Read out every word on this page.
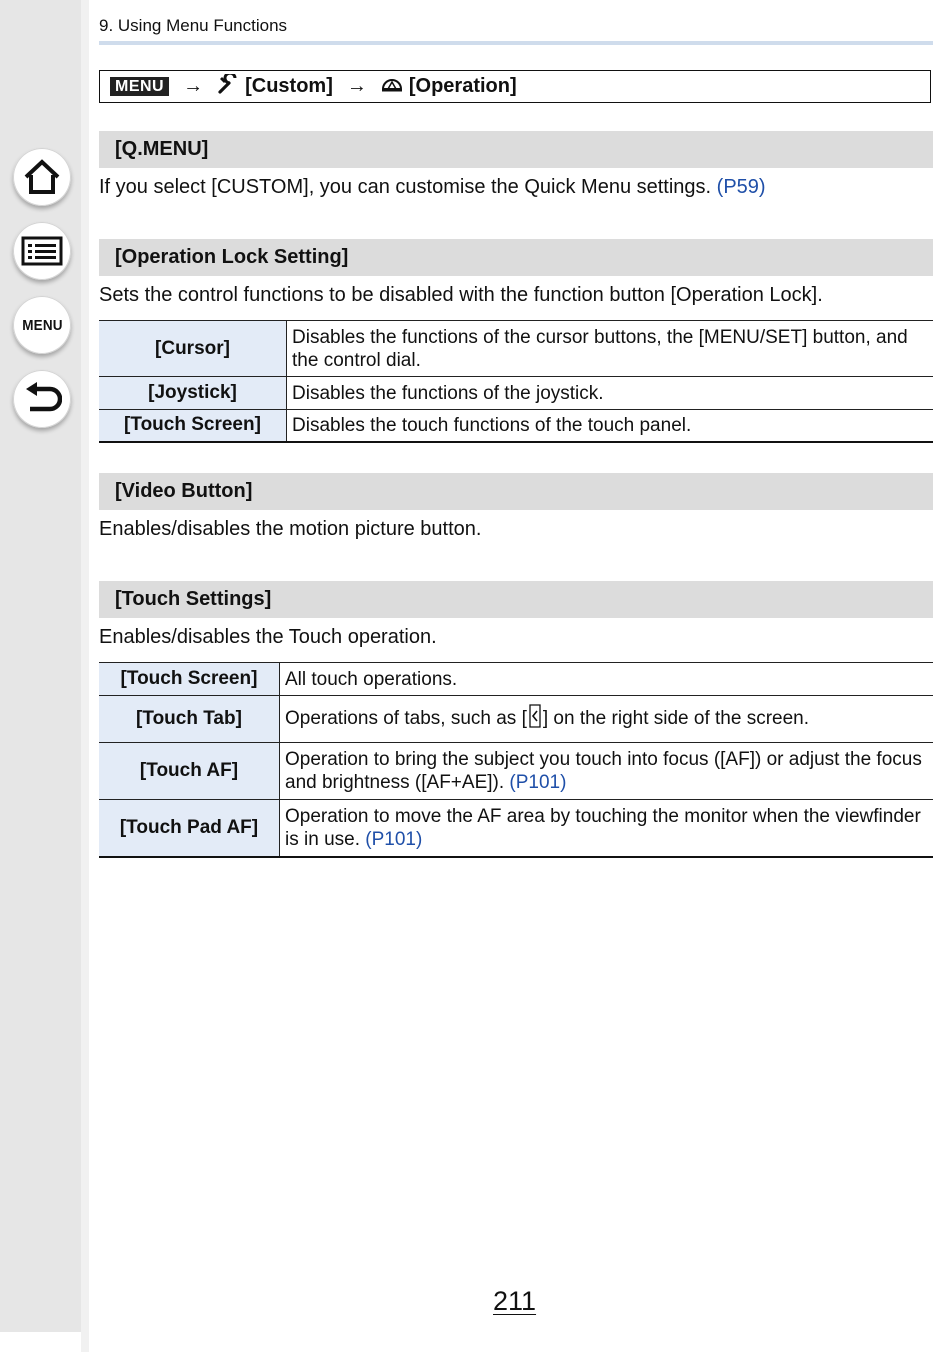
MENU
9. Using Menu Functions
MENU → [Custom] → [Operation]
[Q.MENU]
If you select [CUSTOM], you can customise the Quick Menu settings. (P59)
[Operation Lock Setting]
Sets the control functions to be disabled with the function button [Operation Lock].
[Cursor]	Disables the functions of the cursor buttons, the [MENU/SET] button, and the control dial.
[Joystick]	Disables the functions of the joystick.
[Touch Screen]	Disables the touch functions of the touch panel.
[Video Button]
Enables/disables the motion picture button.
[Touch Settings]
Enables/disables the Touch operation.
[Touch Screen]	All touch operations.
[Touch Tab]	Operations of tabs, such as [ ] on the right side of the screen.
[Touch AF]	Operation to bring the subject you touch into focus ([AF]) or adjust the focus and brightness ([AF+AE]). (P101)
[Touch Pad AF]	Operation to move the AF area by touching the monitor when the viewfinder is in use. (P101)
211
